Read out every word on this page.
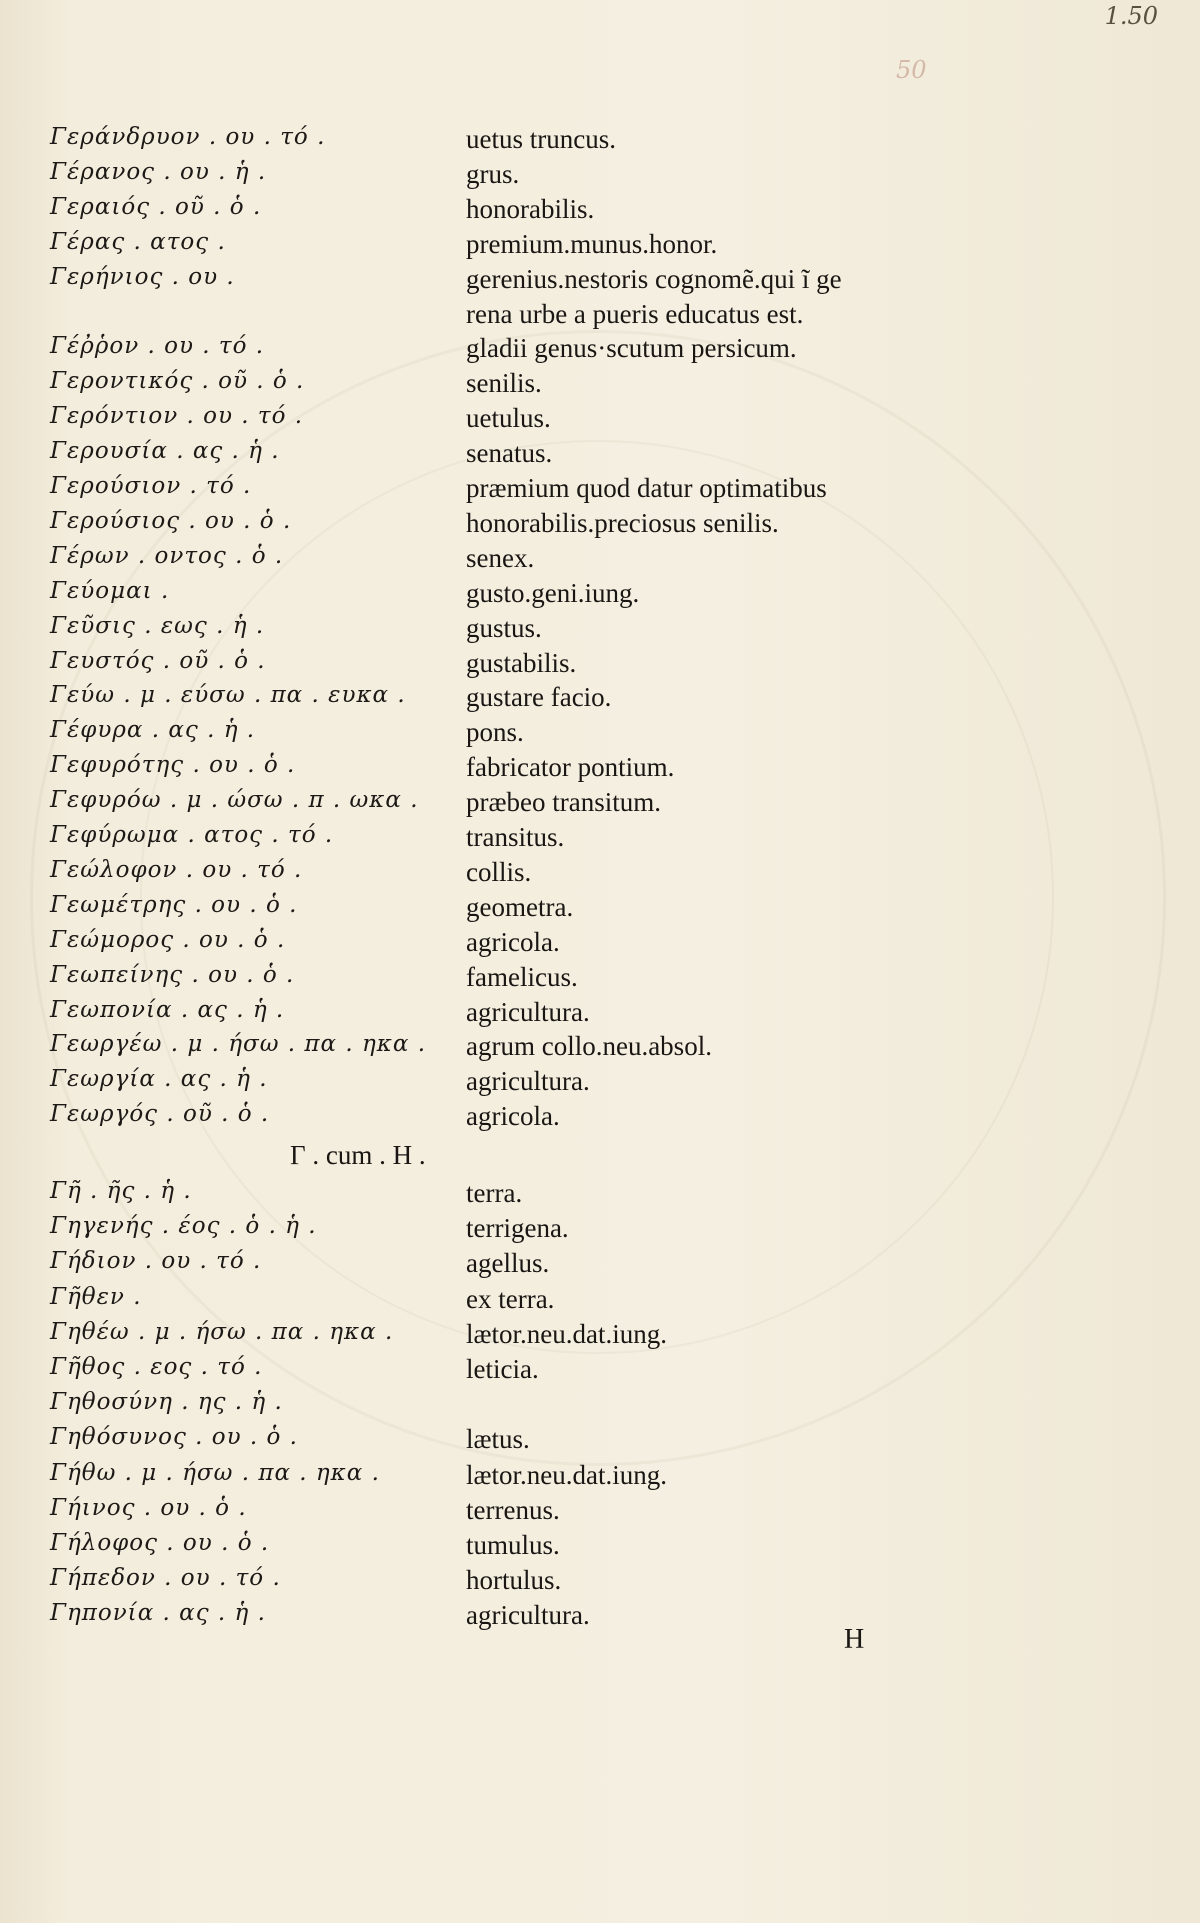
1.50
50
Γεράνδρυον . ου . τό .	uetus truncus.
Γέρανος . ου . ἡ .	grus.
Γεραιός . οῦ . ὁ .	honorabilis.
Γέρας . ατος .	premium.munus.honor.
Γερήνιος . ου .	gerenius.nestoris cognomẽ.qui ĩ ge
rena urbe a pueris educatus est.
Γέῤῥον . ου . τό .	gladii genus·scutum persicum.
Γεροντικός . οῦ . ὁ .	senilis.
Γερόντιον . ου . τό .	uetulus.
Γερουσία . ας . ἡ .	senatus.
Γερούσιον . τό .	præmium quod datur optimatibus
Γερούσιος . ου . ὁ .	honorabilis.preciosus senilis.
Γέρων . οντος . ὁ .	senex.
Γεύομαι .	gusto.geni.iung.
Γεῦσις . εως . ἡ .	gustus.
Γευστός . οῦ . ὁ .	gustabilis.
Γεύω . μ . εύσω . πα . ευκα . gustare facio.
Γέφυρα . ας . ἡ .	pons.
Γεφυρότης . ου . ὁ .	fabricator pontium.
Γεφυρόω . μ . ώσω . π . ωκα . præbeo transitum.
Γεφύρωμα . ατος . τό .	transitus.
Γεώλοφον . ου . τό .	collis.
Γεωμέτρης . ου . ὁ .	geometra.
Γεώμορος . ου . ὁ .	agricola.
Γεωπείνης . ου . ὁ .	famelicus.
Γεωπονία . ας . ἡ .	agricultura.
Γεωργέω . μ . ήσω . πα . ηκα . agrum collo.neu.absol.
Γεωργία . ας . ἡ .	agricultura.
Γεωργός . οῦ . ὁ .	agricola.
Γ . cum . Η .
Γῆ . ῆς . ἡ .	terra.
Γηγενής . έος . ὁ . ἡ .	terrigena.
Γήδιον . ου . τό .	agellus.
Γῆθεν .	ex terra.
Γηθέω . μ . ήσω . πα . ηκα .	lætor.neu.dat.iung.
Γῆθος . εος . τό .	leticia.
Γηθοσύνη . ης . ἡ .
Γηθόσυνος . ου . ὁ .	lætus.
Γήθω . μ . ήσω . πα . ηκα .	lætor.neu.dat.iung.
Γήινος . ου . ὁ .	terrenus.
Γήλοφος . ου . ὁ .	tumulus.
Γήπεδον . ου . τό .	hortulus.
Γηπονία . ας . ἡ .	agricultura.
Η
